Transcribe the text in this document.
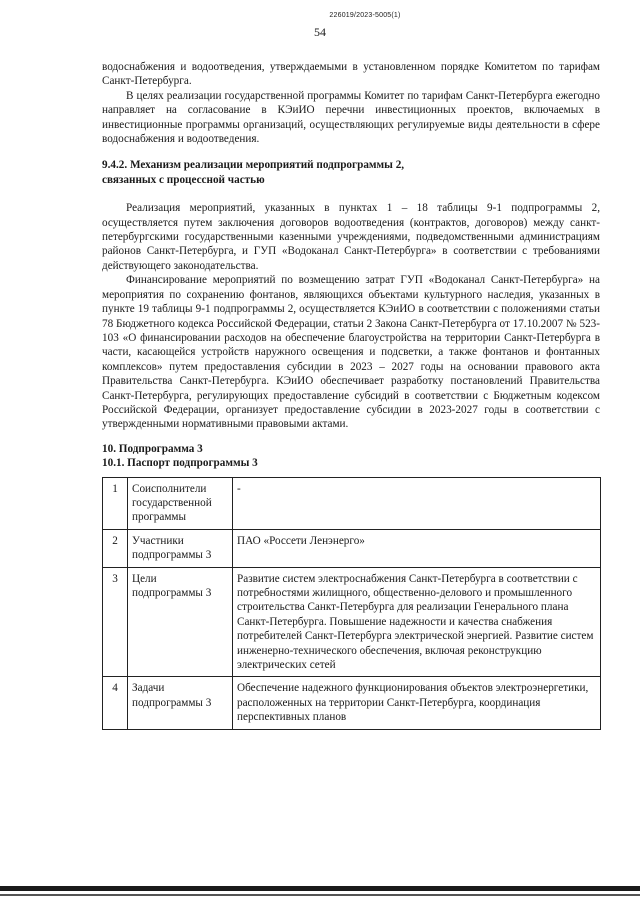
226019/2023-5005(1)
54

водоснабжения и водоотведения, утверждаемыми в установленном порядке Комитетом по тарифам Санкт-Петербурга.

В целях реализации государственной программы Комитет по тарифам Санкт-Петербурга ежегодно направляет на согласование в КЭиИО перечни инвестиционных проектов, включаемых в инвестиционные программы организаций, осуществляющих регулируемые виды деятельности в сфере водоснабжения и водоотведения.

9.4.2. Механизм реализации мероприятий подпрограммы 2,

связанных с процессной частью

Реализация мероприятий, указанных в пунктах 1 – 18 таблицы 9-1 подпрограммы 2, осуществляется путем заключения договоров водоотведения (контрактов, договоров) между санкт-петербургскими государственными казенными учреждениями, подведомственными администрациям районов Санкт-Петербурга, и ГУП «Водоканал Санкт-Петербурга» в соответствии с требованиями действующего законодательства.

Финансирование мероприятий по возмещению затрат ГУП «Водоканал Санкт-Петербурга» на мероприятия по сохранению фонтанов, являющихся объектами культурного наследия, указанных в пункте 19 таблицы 9-1 подпрограммы 2, осуществляется КЭиИО в соответствии с положениями статьи 78 Бюджетного кодекса Российской Федерации, статьи 2 Закона Санкт-Петербурга от 17.10.2007 № 523-103 «О финансировании расходов на обеспечение благоустройства на территории Санкт-Петербурга в части, касающейся устройств наружного освещения и подсветки, а также фонтанов и фонтанных комплексов» путем предоставления субсидии в 2023 – 2027 годы на основании правового акта Правительства Санкт-Петербурга. КЭиИО обеспечивает разработку постановлений Правительства Санкт-Петербурга, регулирующих предоставление субсидий в соответствии с Бюджетным кодексом Российской Федерации, организует предоставление субсидии в 2023-2027 годы в соответствии с утвержденными нормативными правовыми актами.

10. Подпрограмма 3

10.1. Паспорт подпрограммы 3

1	Соисполнители государственной программы	-
2	Участники подпрограммы 3	ПАО «Россети Ленэнерго»
3	Цели подпрограммы 3	Развитие систем электроснабжения Санкт-Петербурга в соответствии с потребностями жилищного, общественно-делового и промышленного строительства Санкт-Петербурга для реализации Генерального плана Санкт-Петербурга. Повышение надежности и качества снабжения потребителей Санкт-Петербурга электрической энергией. Развитие систем инженерно-технического обеспечения, включая реконструкцию электрических сетей
4	Задачи подпрограммы 3	Обеспечение надежного функционирования объектов электроэнергетики, расположенных на территории Санкт-Петербурга, координация перспективных планов
